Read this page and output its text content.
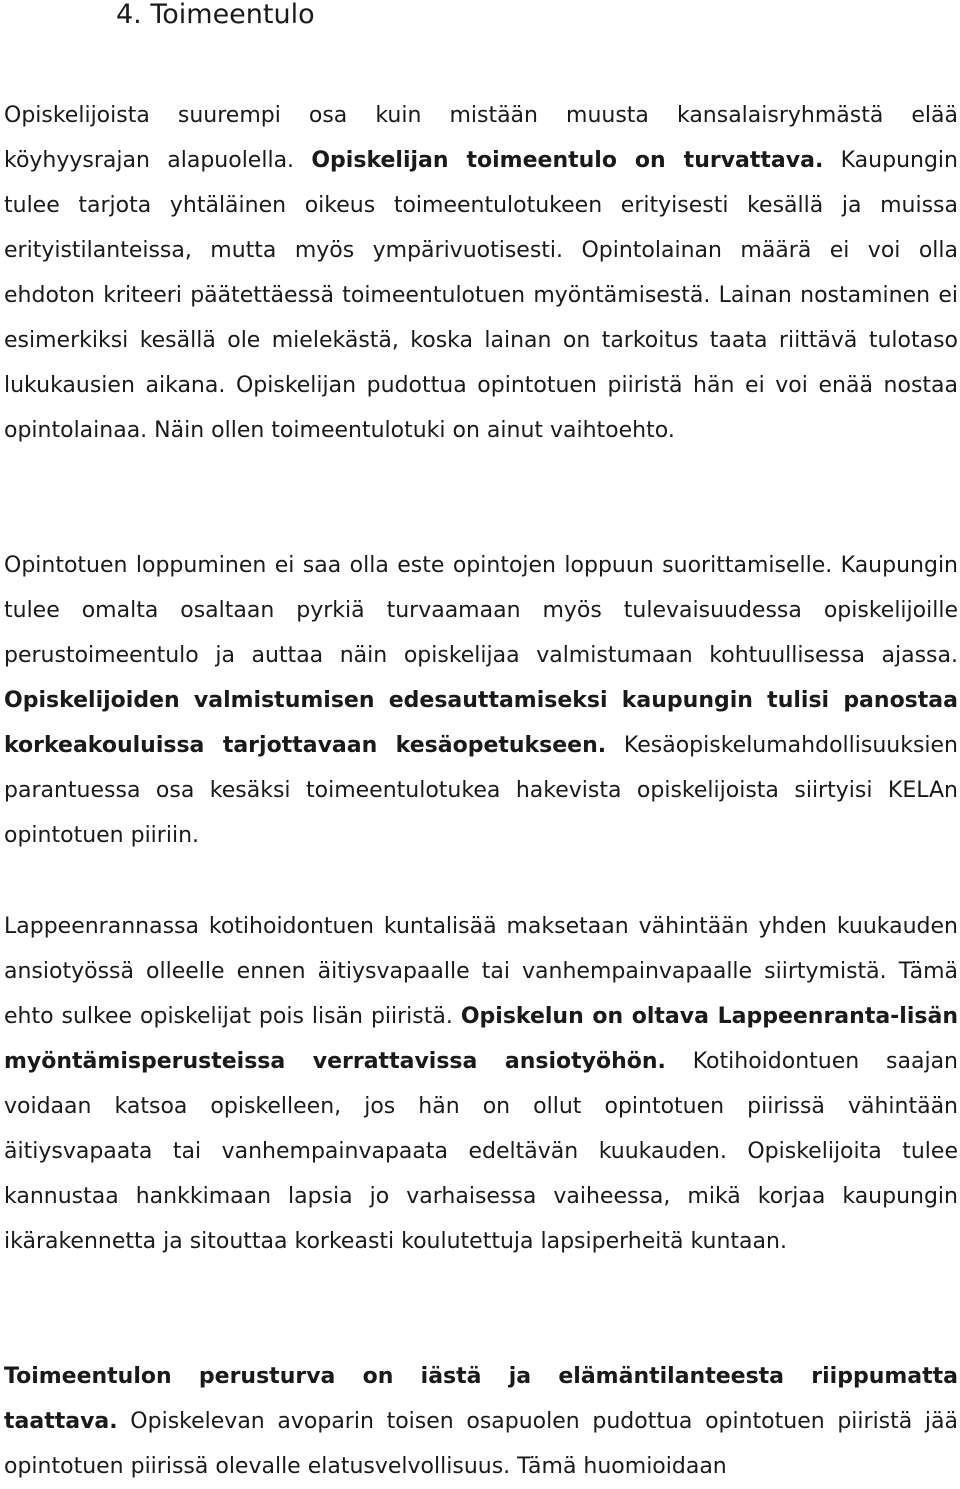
4. Toimeentulo

Opiskelijoista suurempi osa kuin mistään muusta kansalaisryhmästä elää köyhyysrajan alapuolella. Opiskelijan toimeentulo on turvattava. Kaupungin tulee tarjota yhtäläinen oikeus toimeentulotukeen erityisesti kesällä ja muissa erityistilanteissa, mutta myös ympärivuotisesti. Opintolainan määrä ei voi olla ehdoton kriteeri päätettäessä toimeentulotuen myöntämisestä. Lainan nostaminen ei esimerkiksi kesällä ole mielekästä, koska lainan on tarkoitus taata riittävä tulotaso lukukausien aikana. Opiskelijan pudottua opintotuen piiristä hän ei voi enää nostaa opintolainaa. Näin ollen toimeentulotuki on ainut vaihtoehto.

Opintotuen loppuminen ei saa olla este opintojen loppuun suorittamiselle. Kaupungin tulee omalta osaltaan pyrkiä turvaamaan myös tulevaisuudessa opiskelijoille perustoimeentulo ja auttaa näin opiskelijaa valmistumaan kohtuullisessa ajassa. Opiskelijoiden valmistumisen edesauttamiseksi kaupungin tulisi panostaa korkeakouluissa tarjottavaan kesäopetukseen. Kesäopiskelumahdollisuuksien parantuessa osa kesäksi toimeentulotukea hakevista opiskelijoista siirtyisi KELAn opintotuen piiriin.

Lappeenrannassa kotihoidontuen kuntalisää maksetaan vähintään yhden kuukauden ansiotyössä olleelle ennen äitiysvapaalle tai vanhempainvapaalle siirtymistä. Tämä ehto sulkee opiskelijat pois lisän piiristä. Opiskelun on oltava Lappeenranta-lisän myöntämisperusteissa verrattavissa ansiotyöhön. Kotihoidontuen saajan voidaan katsoa opiskelleen, jos hän on ollut opintotuen piirissä vähintään äitiysvapaata tai vanhempainvapaata edeltävän kuukauden. Opiskelijoita tulee kannustaa hankkimaan lapsia jo varhaisessa vaiheessa, mikä korjaa kaupungin ikärakennetta ja sitouttaa korkeasti koulutettuja lapsiperheitä kuntaan.

Toimeentulon perusturva on iästä ja elämäntilanteesta riippumatta taattava. Opiskelevan avoparin toisen osapuolen pudottua opintotuen piiristä jää opintotuen piirissä olevalle elatusvelvollisuus. Tämä huomioidaan
